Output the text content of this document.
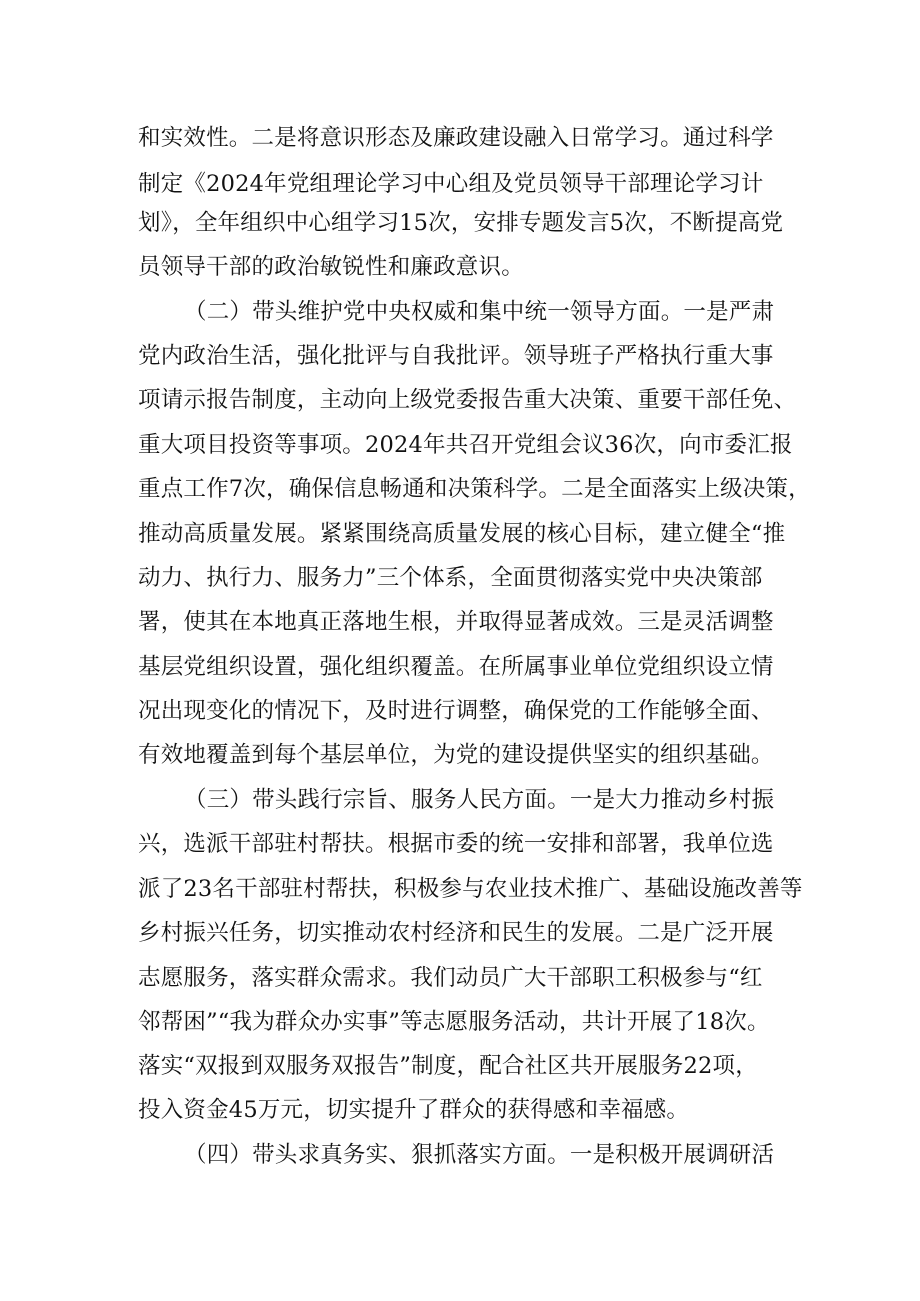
和实效性。二是将意识形态及廉政建设融入日常学习。通过科学
制定《2024年党组理论学习中心组及党员领导干部理论学习计
划》，全年组织中心组学习15次，安排专题发言5次，不断提高党
员领导干部的政治敏锐性和廉政意识。
（二）带头维护党中央权威和集中统一领导方面。一是严肃
党内政治生活，强化批评与自我批评。领导班子严格执行重大事
项请示报告制度，主动向上级党委报告重大决策、重要干部任免、
重大项目投资等事项。2024年共召开党组会议36次，向市委汇报
重点工作7次，确保信息畅通和决策科学。二是全面落实上级决策，
推动高质量发展。紧紧围绕高质量发展的核心目标，建立健全“推
动力、执行力、服务力”三个体系，全面贯彻落实党中央决策部
署，使其在本地真正落地生根，并取得显著成效。三是灵活调整
基层党组织设置，强化组织覆盖。在所属事业单位党组织设立情
况出现变化的情况下，及时进行调整，确保党的工作能够全面、
有效地覆盖到每个基层单位，为党的建设提供坚实的组织基础。
（三）带头践行宗旨、服务人民方面。一是大力推动乡村振
兴，选派干部驻村帮扶。根据市委的统一安排和部署，我单位选
派了23名干部驻村帮扶，积极参与农业技术推广、基础设施改善等
乡村振兴任务，切实推动农村经济和民生的发展。二是广泛开展
志愿服务，落实群众需求。我们动员广大干部职工积极参与“红
邻帮困”“我为群众办实事”等志愿服务活动，共计开展了18次。
落实“双报到双服务双报告”制度，配合社区共开展服务22项，
投入资金45万元，切实提升了群众的获得感和幸福感。
（四）带头求真务实、狠抓落实方面。一是积极开展调研活
